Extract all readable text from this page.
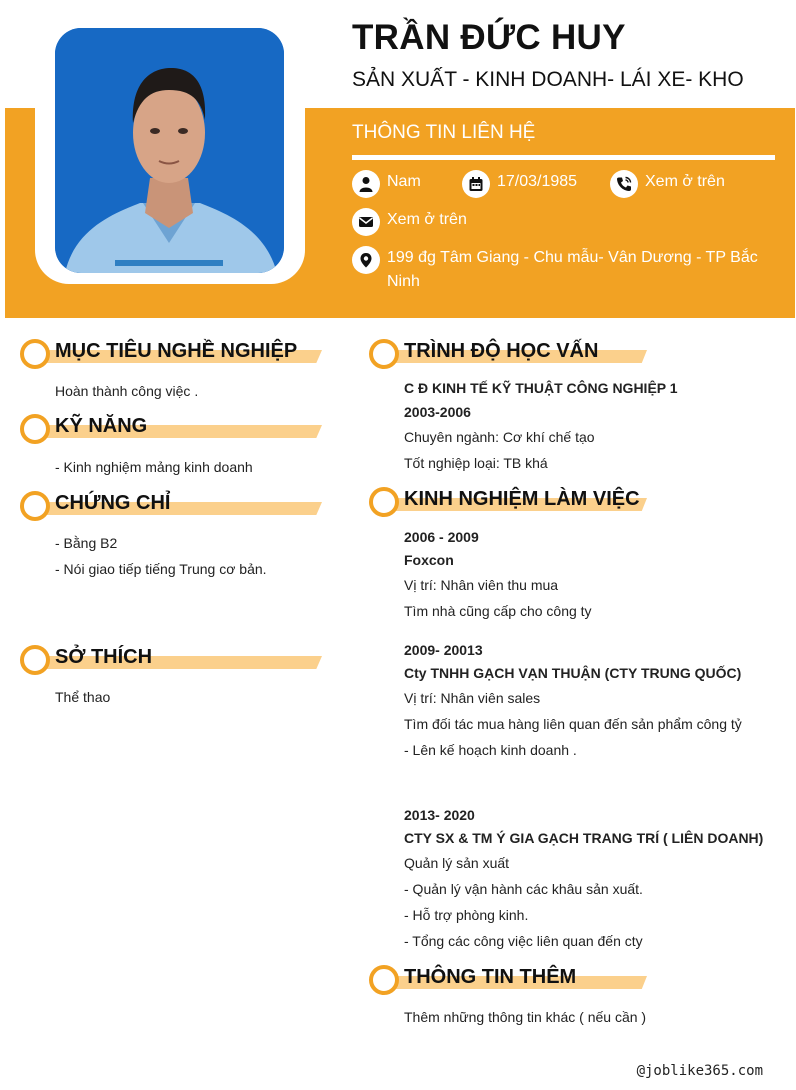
TRẦN ĐỨC HUY
SẢN XUẤT - KINH DOANH- LÁI XE- KHO
THÔNG TIN LIÊN HỆ
Nam	17/03/1985	Xem ở trên
Xem ở trên
199 đg Tâm Giang - Chu mẫu- Vân Dương - TP Bắc Ninh
MỤC TIÊU NGHỀ NGHIỆP
Hoàn thành công việc .
KỸ NĂNG
- Kinh nghiệm mảng kinh doanh
CHỨNG CHỈ
- Bằng B2
- Nói giao tiếp tiếng Trung cơ bản.
SỞ THÍCH
Thể thao
TRÌNH ĐỘ HỌC VẤN
C Đ KINH TẾ KỸ THUẬT CÔNG NGHIỆP 1
2003-2006
Chuyên ngành: Cơ khí chế tạo
Tốt nghiệp loại: TB khá
KINH NGHIỆM LÀM VIỆC
2006 - 2009
Foxcon
Vị trí: Nhân viên thu mua
Tìm nhà cũng cấp cho công ty
2009- 20013
Cty TNHH GẠCH VẠN THUẬN (CTY TRUNG QUỐC)
Vị trí: Nhân viên sales
Tìm đối tác mua hàng liên quan đến sản phẩm công tỷ
- Lên kế hoạch kinh doanh .
2013- 2020
CTY SX & TM Ý GIA GẠCH TRANG TRÍ ( LIÊN DOANH)
Quản lý sản xuất
- Quản lý vận hành các khâu sản xuất.
- Hỗ trợ phòng kinh.
- Tổng các công việc liên quan đến cty
THÔNG TIN THÊM
Thêm những thông tin khác ( nếu cần )
@joblike365.com
